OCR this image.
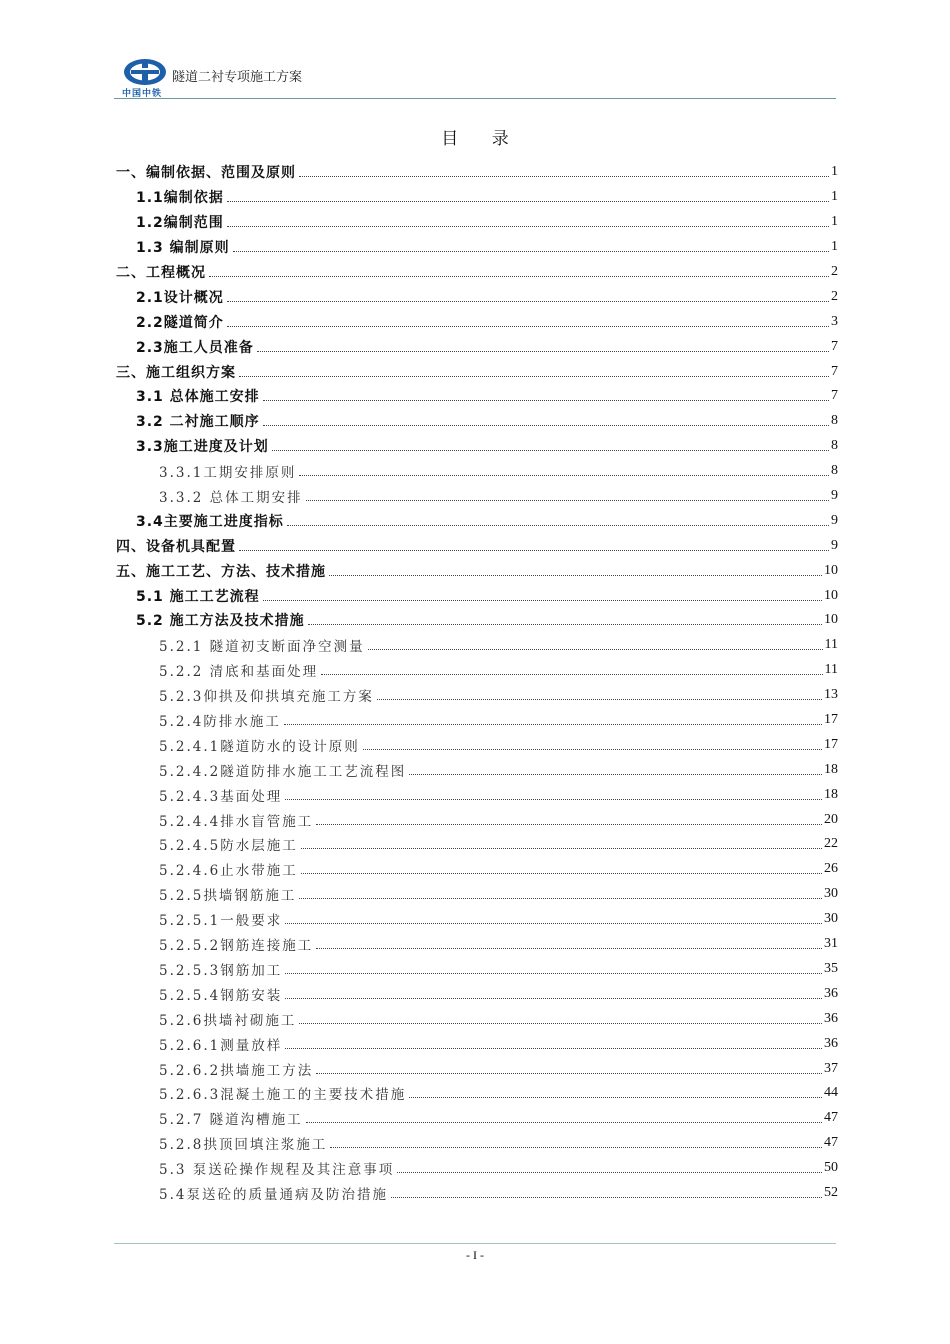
中国中铁
隧道二衬专项施工方案
目 录
一、编制依据、范围及原则	1
1.1编制依据	1
1.2编制范围	1
1.3 编制原则	1
二、工程概况	2
2.1设计概况	2
2.2隧道简介	3
2.3施工人员准备	7
三、施工组织方案	7
3.1 总体施工安排	7
3.2 二衬施工顺序	8
3.3施工进度及计划	8
3.3.1工期安排原则	8
3.3.2 总体工期安排	9
3.4主要施工进度指标	9
四、设备机具配置	9
五、施工工艺、方法、技术措施	10
5.1 施工工艺流程	10
5.2 施工方法及技术措施	10
5.2.1 隧道初支断面净空测量	11
5.2.2 清底和基面处理	11
5.2.3仰拱及仰拱填充施工方案	13
5.2.4防排水施工	17
5.2.4.1隧道防水的设计原则	17
5.2.4.2隧道防排水施工工艺流程图	18
5.2.4.3基面处理	18
5.2.4.4排水盲管施工	20
5.2.4.5防水层施工	22
5.2.4.6止水带施工	26
5.2.5拱墙钢筋施工	30
5.2.5.1一般要求	30
5.2.5.2钢筋连接施工	31
5.2.5.3钢筋加工	35
5.2.5.4钢筋安装	36
5.2.6拱墙衬砌施工	36
5.2.6.1测量放样	36
5.2.6.2拱墙施工方法	37
5.2.6.3混凝土施工的主要技术措施	44
5.2.7 隧道沟槽施工	47
5.2.8拱顶回填注浆施工	47
5.3 泵送砼操作规程及其注意事项	50
5.4泵送砼的质量通病及防治措施	52
- I -
